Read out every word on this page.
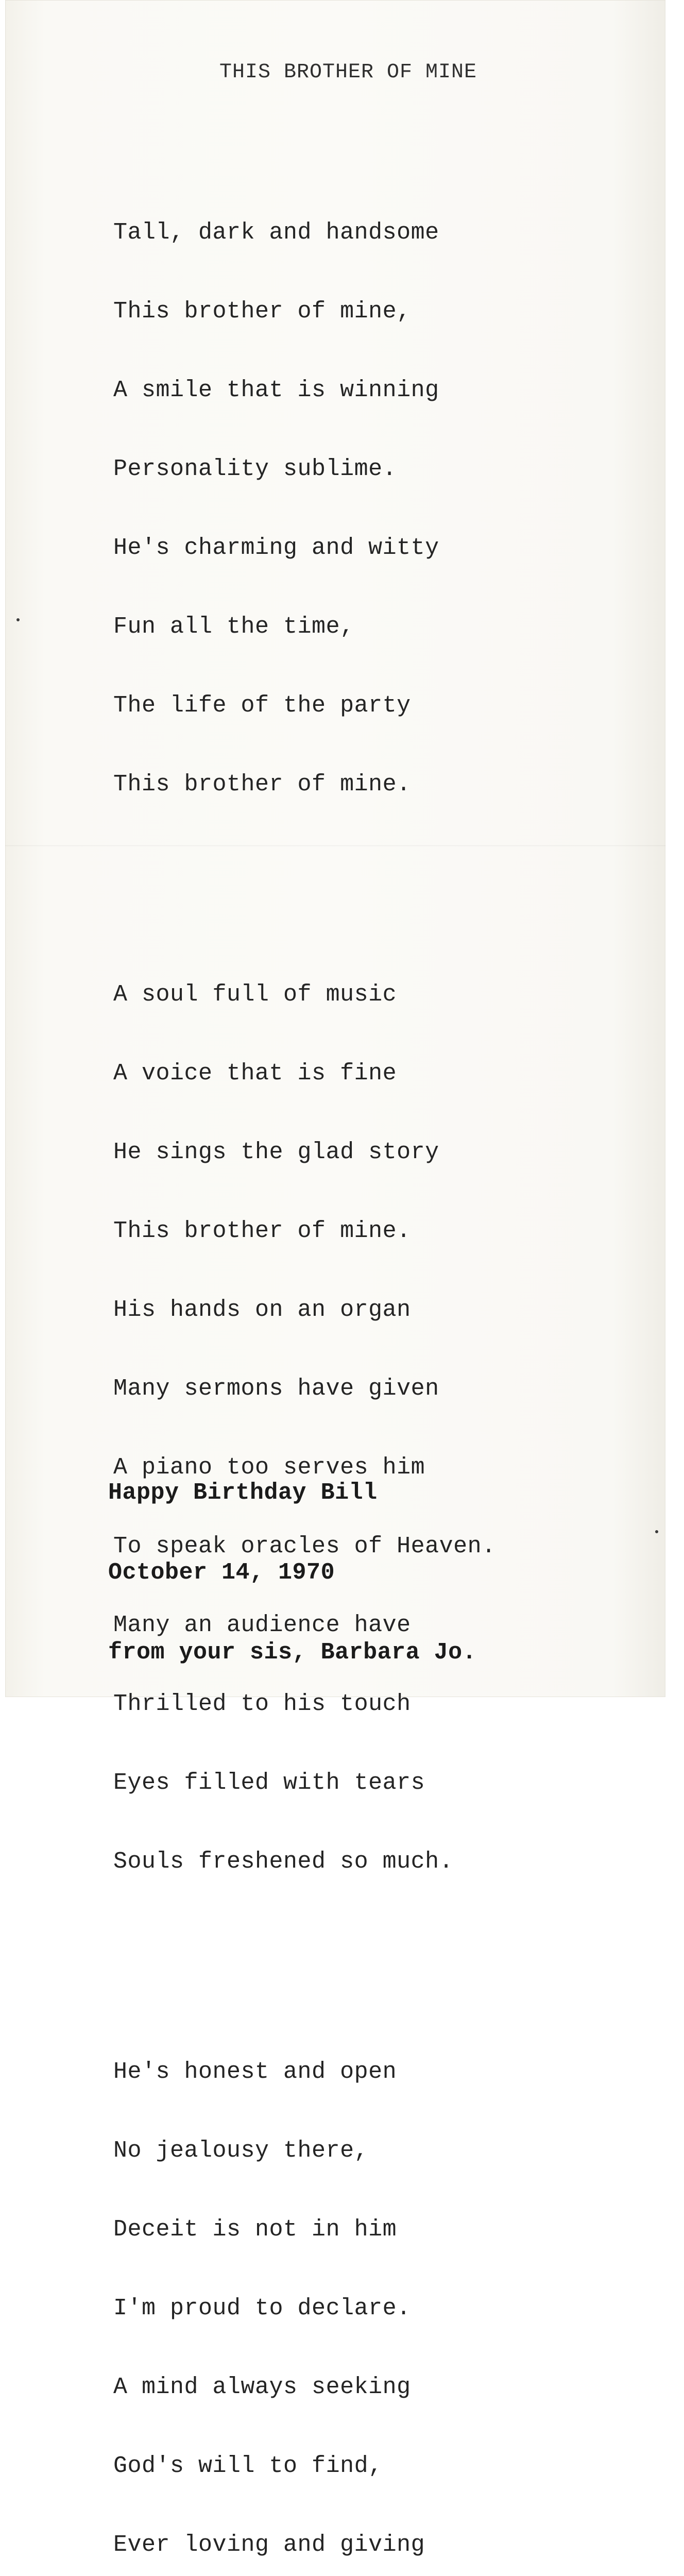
THIS BROTHER OF MINE

Tall, dark and handsome

This brother of mine,

A smile that is winning

Personality sublime.

He's charming and witty

Fun all the time,

The life of the party

This brother of mine.

A soul full of music

A voice that is fine

He sings the glad story

This brother of mine.

His hands on an organ

Many sermons have given

A piano too serves him

To speak oracles of Heaven.

Many an audience have

Thrilled to his touch

Eyes filled with tears

Souls freshened so much.

He's honest and open

No jealousy there,

Deceit is not in him

I'm proud to declare.

A mind always seeking

God's will to find,

Ever loving and giving

Happy Birthday Bill

October 14, 1970

from your sis, Barbara Jo.
